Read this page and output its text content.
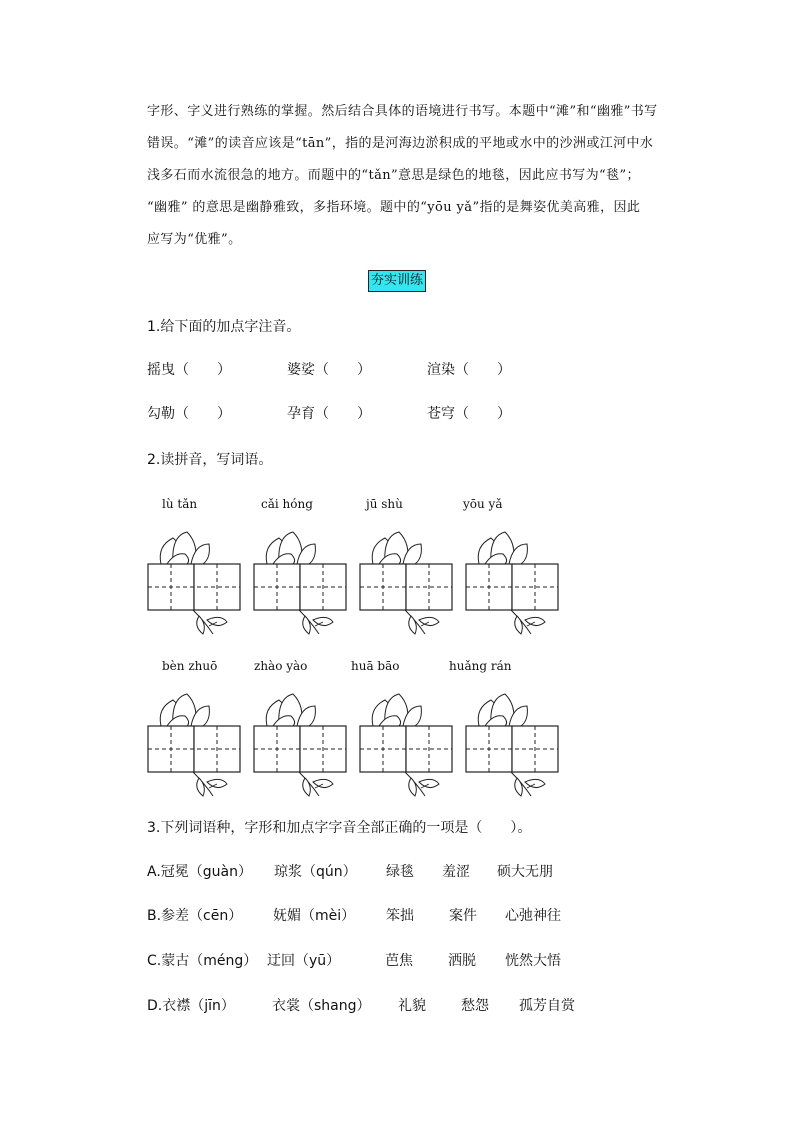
字形、字义进行熟练的掌握。然后结合具体的语境进行书写。本题中“滩”和“幽雅”书写

错误。“滩”的读音应该是“tān”，指的是河海边淤积成的平地或水中的沙洲或江河中水

浅多石而水流很急的地方。而题中的“tǎn”意思是绿色的地毯，因此应书写为“毯”；

“幽雅” 的意思是幽静雅致，多指环境。题中的“yōu yǎ”指的是舞姿优美高雅，因此

应写为“优雅”。

夯实训练
1.给下面的加点字注音。
摇曳（　　）	婆娑（　　）	渲染（　　）
勾勒（　　）	孕育（　　）	苍穹（　　）
2.读拼音，写词语。
lù tǎn	cǎi hóng	jū shù	yōu yǎ
bèn zhuō	zhào yào	huā bāo	huǎng rán
3.下列词语种，字形和加点字字音全部正确的一项是（　　）。
A.冠冕（guàn） 琼浆（qún） 绿毯 羞涩 硕大无朋
B.参差（cēn） 妩媚（mèi） 笨拙	案件 心弛神往
C.蒙古（méng） 迂回（yū）	芭焦	洒脱 恍然大悟
D.衣襟（jīn）	衣裳（shang） 礼貌	愁怨 孤芳自赏
